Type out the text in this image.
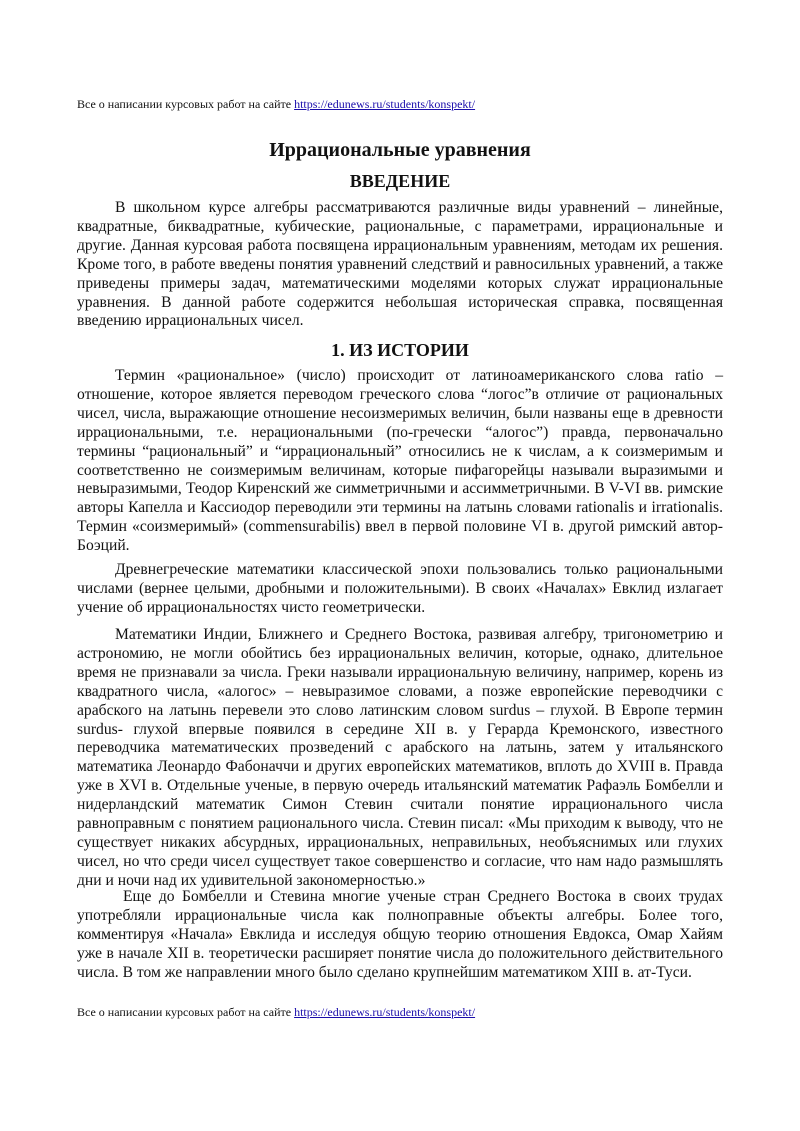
Все о написании курсовых работ на сайте https://edunews.ru/students/konspekt/
Иррациональные уравнения
ВВЕДЕНИЕ

В школьном курсе алгебры рассматриваются различные виды уравнений – линейные, квадратные, биквадратные, кубические, рациональные, с параметрами, иррациональные и другие. Данная курсовая работа посвящена иррациональным уравнениям, методам их решения. Кроме того, в работе введены понятия уравнений следствий и равносильных уравнений, а также приведены примеры задач, математическими моделями которых служат иррациональные уравнения. В данной работе содержится небольшая историческая справка, посвященная введению иррациональных чисел.

1. ИЗ ИСТОРИИ

Термин «рациональное» (число) происходит от латиноамериканского слова ratio – отношение, которое является переводом греческого слова “логос”в отличие от рациональных чисел, числа, выражающие отношение несоизмеримых величин, были названы еще в древности иррациональными, т.е. нерациональными (по-гречески “алогос”) правда, первоначально термины “рациональный” и “иррациональный” относились не к числам, а к соизмеримым и соответственно не соизмеримым величинам, которые пифагорейцы называли выразимыми и невыразимыми, Теодор Киренский же симметричными и ассимметричными. В V-VI вв. римские авторы Капелла и Кассиодор переводили эти термины на латынь словами rationalis и irrationalis. Термин «соизмеримый» (commensurabilis) ввел в первой половине VI в. другой римский автор- Боэций.

Древнегреческие математики классической эпохи пользовались только рациональными числами (вернее целыми, дробными и положительными). В своих «Началах» Евклид излагает учение об иррациональностях чисто геометрически.

Математики Индии, Ближнего и Среднего Востока, развивая алгебру, тригонометрию и астрономию, не могли обойтись без иррациональных величин, которые, однако, длительное время не признавали за числа. Греки называли иррациональную величину, например, корень из квадратного числа, «алогос» – невыразимое словами, а позже европейские переводчики с арабского на латынь перевели это слово латинским словом surdus – глухой. В Европе термин surdus- глухой впервые появился в середине XII в. у Герарда Кремонского, известного переводчика математических прозведений с арабского на латынь, затем у итальянского математика Леонардо Фабоначчи и других европейских математиков, вплоть до XVIII в. Правда уже в XVI в. Отдельные ученые, в первую очередь итальянский математик Рафаэль Бомбелли и нидерландский математик Симон Стевин считали понятие иррационального числа равноправным с понятием рационального числа. Стевин писал: «Мы приходим к выводу, что не существует никаких абсурдных, иррациональных, неправильных, необъяснимых или глухих чисел, но что среди чисел существует такое совершенство и согласие, что нам надо размышлять дни и ночи над их удивительной закономерностью.»

Еще до Бомбелли и Стевина многие ученые стран Среднего Востока в своих трудах употребляли иррациональные числа как полноправные объекты алгебры. Более того, комментируя «Начала» Евклида и исследуя общую теорию отношения Евдокса, Омар Хайям уже в начале XII в. теоретически расширяет понятие числа до положительного действительного числа. В том же направлении много было сделано крупнейшим математиком XIII в. ат-Туси.

Все о написании курсовых работ на сайте https://edunews.ru/students/konspekt/
